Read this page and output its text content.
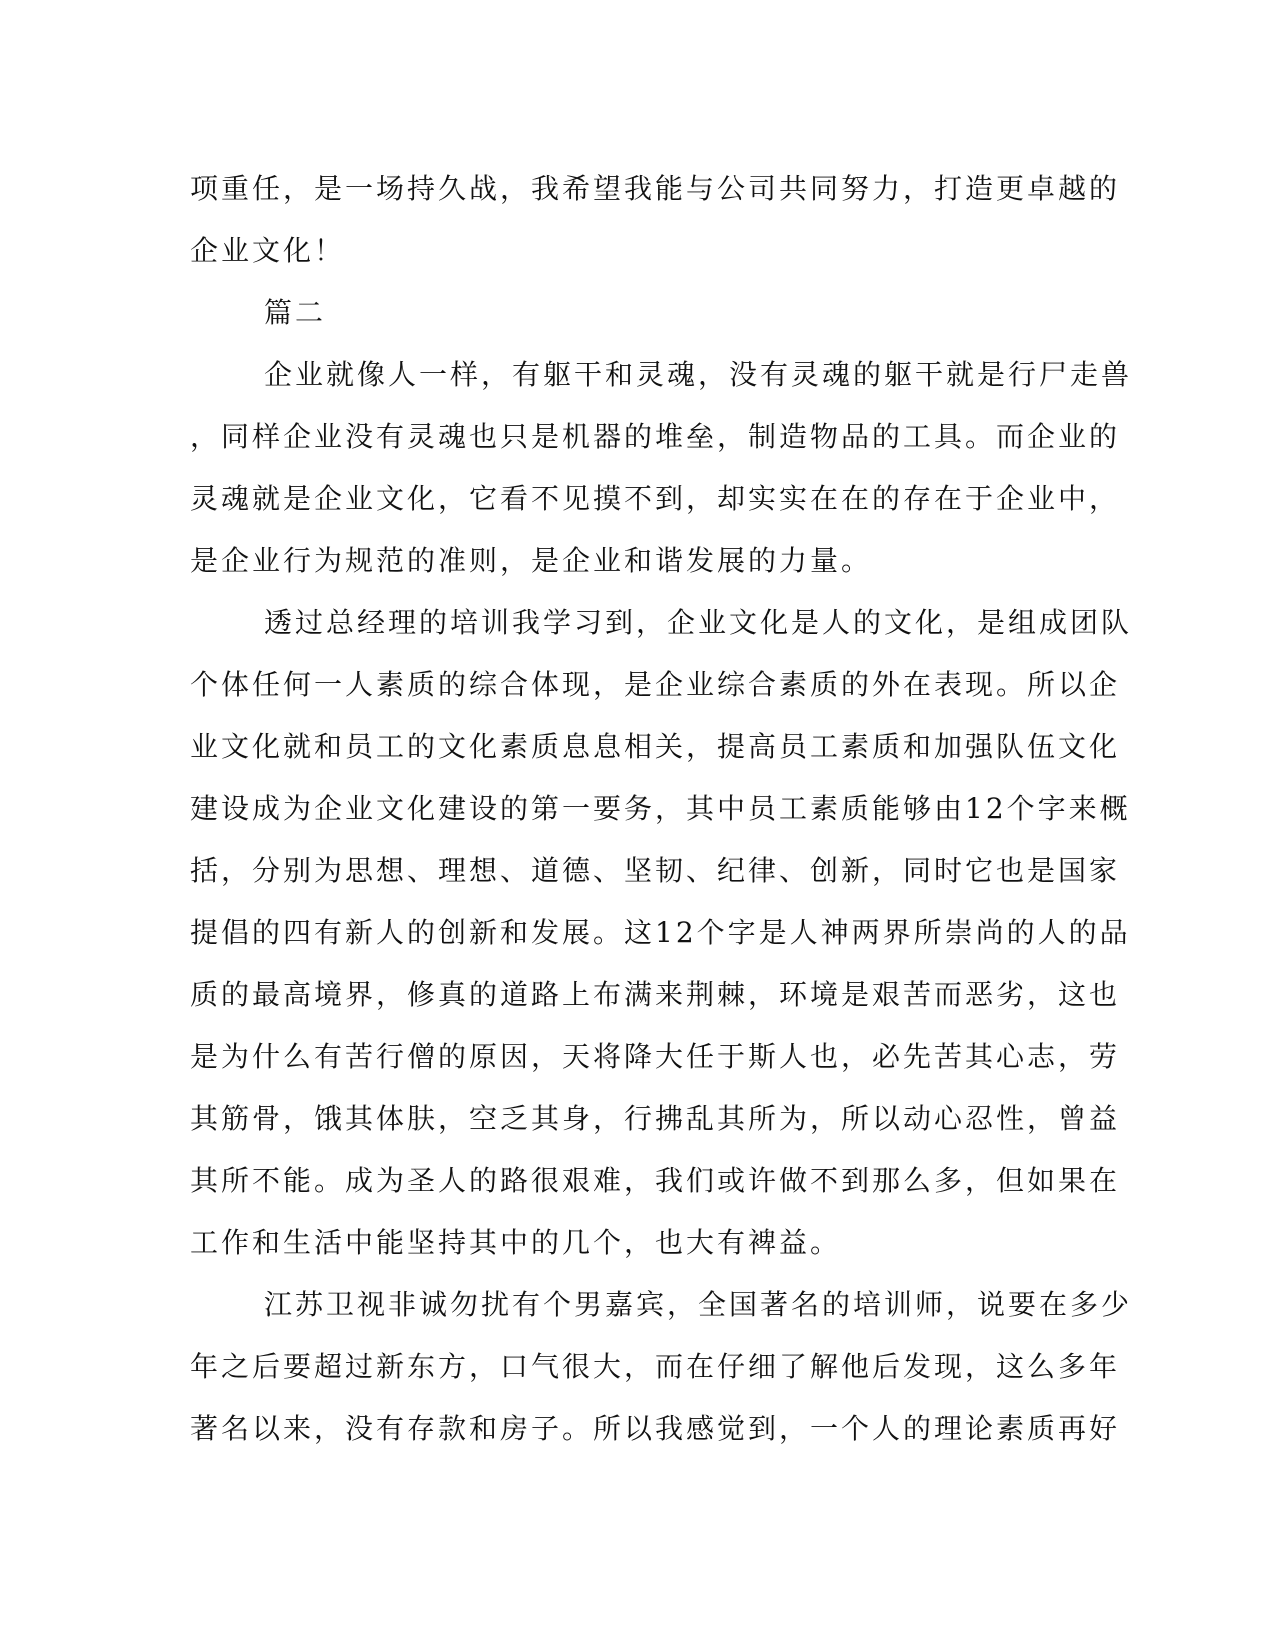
项重任，是一场持久战，我希望我能与公司共同努力，打造更卓越的
企业文化！
篇二
企业就像人一样，有躯干和灵魂，没有灵魂的躯干就是行尸走兽
，同样企业没有灵魂也只是机器的堆垒，制造物品的工具。而企业的
灵魂就是企业文化，它看不见摸不到，却实实在在的存在于企业中，
是企业行为规范的准则，是企业和谐发展的力量。
透过总经理的培训我学习到，企业文化是人的文化，是组成团队
个体任何一人素质的综合体现，是企业综合素质的外在表现。所以企
业文化就和员工的文化素质息息相关，提高员工素质和加强队伍文化
建设成为企业文化建设的第一要务，其中员工素质能够由12个字来概
括，分别为思想、理想、道德、坚韧、纪律、创新，同时它也是国家
提倡的四有新人的创新和发展。这12个字是人神两界所崇尚的人的品
质的最高境界，修真的道路上布满来荆棘，环境是艰苦而恶劣，这也
是为什么有苦行僧的原因，天将降大任于斯人也，必先苦其心志，劳
其筋骨，饿其体肤，空乏其身，行拂乱其所为，所以动心忍性，曾益
其所不能。成为圣人的路很艰难，我们或许做不到那么多，但如果在
工作和生活中能坚持其中的几个，也大有裨益。
江苏卫视非诚勿扰有个男嘉宾，全国著名的培训师，说要在多少
年之后要超过新东方，口气很大，而在仔细了解他后发现，这么多年
著名以来，没有存款和房子。所以我感觉到，一个人的理论素质再好
